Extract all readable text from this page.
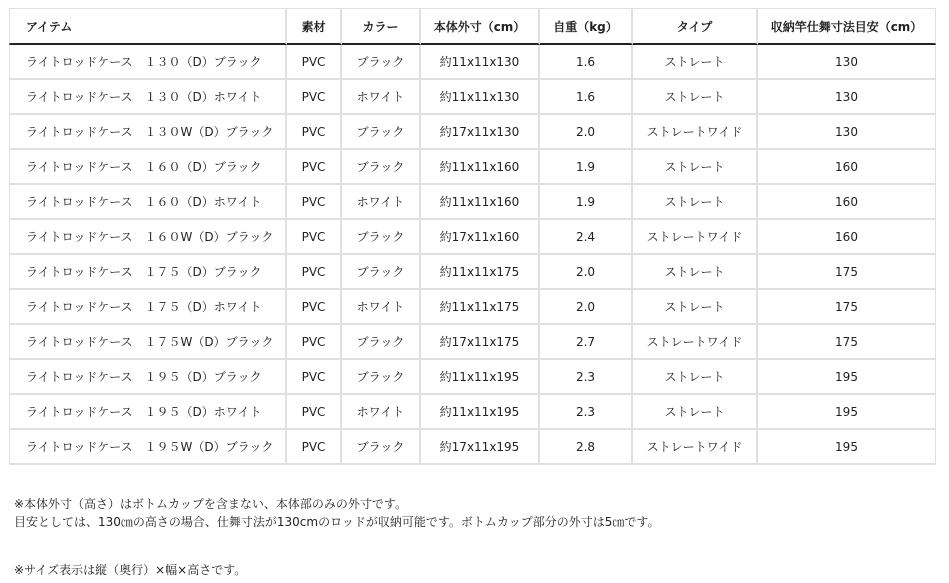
アイテム	素材	カラー	本体外寸（cm）	自重（kg）	タイプ	収納竿仕舞寸法目安（cm）
ライトロッドケース　１３０（D）ブラック	PVC	ブラック	約11x11x130	1.6	ストレート	130
ライトロッドケース　１３０（D）ホワイト	PVC	ホワイト	約11x11x130	1.6	ストレート	130
ライトロッドケース　１３０W（D）ブラック	PVC	ブラック	約17x11x130	2.0	ストレートワイド	130
ライトロッドケース　１６０（D）ブラック	PVC	ブラック	約11x11x160	1.9	ストレート	160
ライトロッドケース　１６０（D）ホワイト	PVC	ホワイト	約11x11x160	1.9	ストレート	160
ライトロッドケース　１６０W（D）ブラック	PVC	ブラック	約17x11x160	2.4	ストレートワイド	160
ライトロッドケース　１７５（D）ブラック	PVC	ブラック	約11x11x175	2.0	ストレート	175
ライトロッドケース　１７５（D）ホワイト	PVC	ホワイト	約11x11x175	2.0	ストレート	175
ライトロッドケース　１７５W（D）ブラック	PVC	ブラック	約17x11x175	2.7	ストレートワイド	175
ライトロッドケース　１９５（D）ブラック	PVC	ブラック	約11x11x195	2.3	ストレート	195
ライトロッドケース　１９５（D）ホワイト	PVC	ホワイト	約11x11x195	2.3	ストレート	195
ライトロッドケース　１９５W（D）ブラック	PVC	ブラック	約17x11x195	2.8	ストレートワイド	195

※本体外寸（高さ）はボトムカップを含まない、本体部のみの外寸です。

目安としては、130㎝の高さの場合、仕舞寸法が130cmのロッドが収納可能です。ボトムカップ部分の外寸は5㎝です。

※サイズ表示は縦（奥行）×幅×高さです。
